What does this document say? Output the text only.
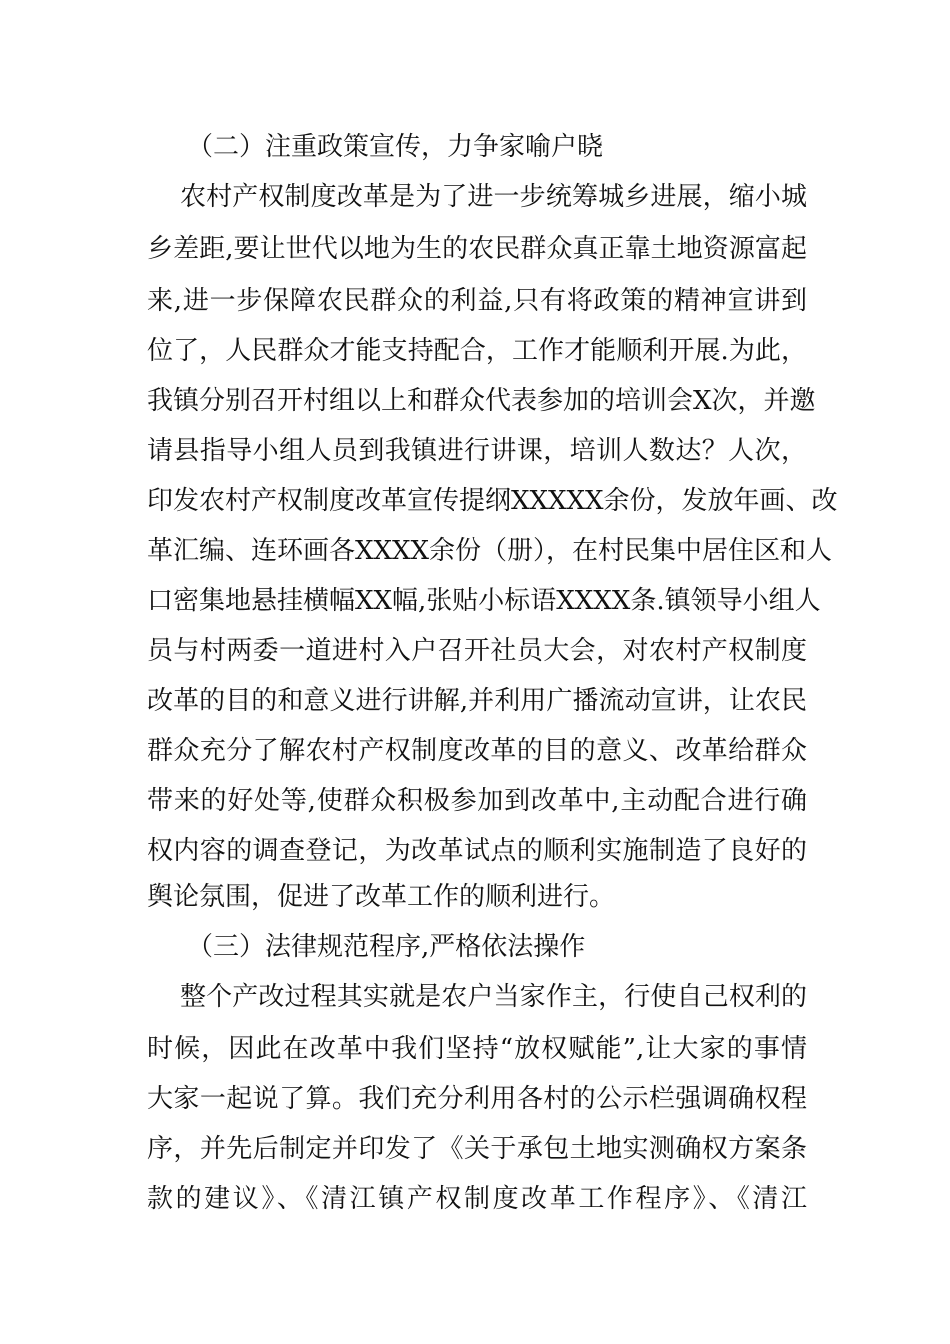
（二）注重政策宣传，力争家喻户晓
农村产权制度改革是为了进一步统筹城乡进展，缩小城
乡差距,要让世代以地为生的农民群众真正靠土地资源富起
来,进一步保障农民群众的利益,只有将政策的精神宣讲到
位了，人民群众才能支持配合，工作才能顺利开展.为此，
我镇分别召开村组以上和群众代表参加的培训会X次，并邀
请县指导小组人员到我镇进行讲课，培训人数达？人次，
印发农村产权制度改革宣传提纲XXXXX余份，发放年画、改
革汇编、连环画各XXXX余份（册），在村民集中居住区和人
口密集地悬挂横幅XX幅,张贴小标语XXXX条.镇领导小组人
员与村两委一道进村入户召开社员大会，对农村产权制度
改革的目的和意义进行讲解,并利用广播流动宣讲，让农民
群众充分了解农村产权制度改革的目的意义、改革给群众
带来的好处等,使群众积极参加到改革中,主动配合进行确
权内容的调查登记，为改革试点的顺利实施制造了良好的
舆论氛围，促进了改革工作的顺利进行。
（三）法律规范程序,严格依法操作
整个产改过程其实就是农户当家作主，行使自己权利的
时候，因此在改革中我们坚持“放权赋能”,让大家的事情
大家一起说了算。我们充分利用各村的公示栏强调确权程
序，并先后制定并印发了《关于承包土地实测确权方案条
款的建议》、《清江镇产权制度改革工作程序》、《清江
